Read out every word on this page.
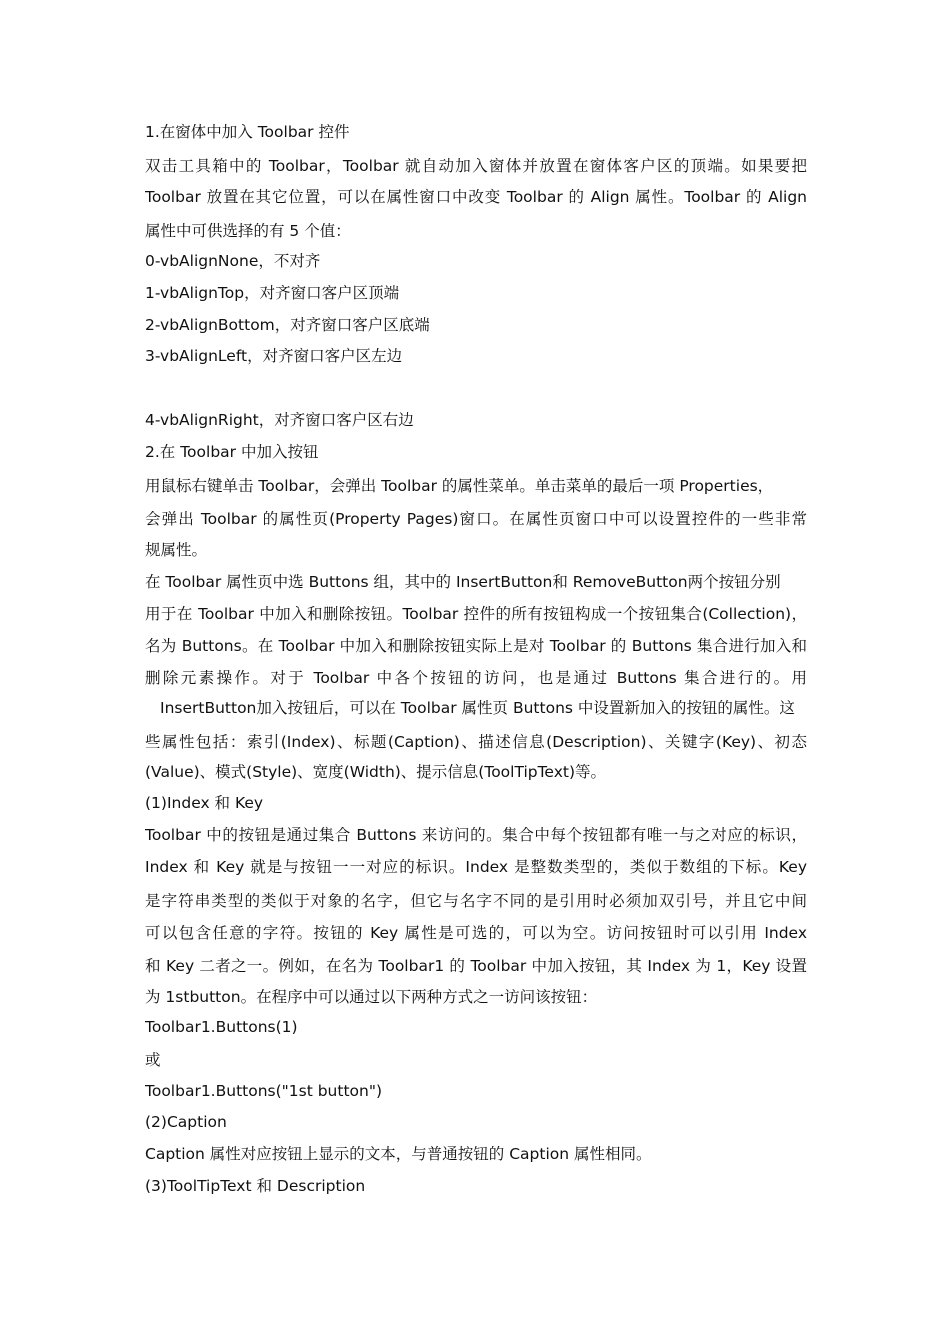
1.在窗体中加入 Toolbar 控件
双击工具箱中的 Toolbar，Toolbar 就自动加入窗体并放置在窗体客户区的顶端。如果要把
Toolbar 放置在其它位置，可以在属性窗口中改变 Toolbar 的 Align 属性。Toolbar 的 Align
属性中可供选择的有 5 个值：
0-vbAlignNone，不对齐
1-vbAlignTop，对齐窗口客户区顶端
2-vbAlignBottom，对齐窗口客户区底端
3-vbAlignLeft，对齐窗口客户区左边
4-vbAlignRight，对齐窗口客户区右边
2.在 Toolbar 中加入按钮
用鼠标右键单击 Toolbar，会弹出 Toolbar 的属性菜单。单击菜单的最后一项 Properties，
会弹出 Toolbar 的属性页(Property Pages)窗口。在属性页窗口中可以设置控件的一些非常
规属性。
在 Toolbar 属性页中选 Buttons 组，其中的 InsertButton和 RemoveButton两个按钮分别
用于在 Toolbar 中加入和删除按钮。Toolbar 控件的所有按钮构成一个按钮集合(Collection)，
名为 Buttons。在 Toolbar 中加入和删除按钮实际上是对 Toolbar 的 Buttons 集合进行加入和
删除元素操作。对于 Toolbar 中各个按钮的访问，也是通过 Buttons 集合进行的。用
InsertButton加入按钮后，可以在 Toolbar 属性页 Buttons 中设置新加入的按钮的属性。这
些属性包括：索引(Index)、标题(Caption)、描述信息(Description)、关键字(Key)、初态
(Value)、模式(Style)、宽度(Width)、提示信息(ToolTipText)等。
(1)Index 和 Key
Toolbar 中的按钮是通过集合 Buttons 来访问的。集合中每个按钮都有唯一与之对应的标识，
Index 和 Key 就是与按钮一一对应的标识。Index 是整数类型的，类似于数组的下标。Key
是字符串类型的类似于对象的名字，但它与名字不同的是引用时必须加双引号，并且它中间
可以包含任意的字符。按钮的 Key 属性是可选的，可以为空。访问按钮时可以引用 Index
和 Key 二者之一。例如，在名为 Toolbar1 的 Toolbar 中加入按钮，其 Index 为 1，Key 设置
为 1stbutton。在程序中可以通过以下两种方式之一访问该按钮：
Toolbar1.Buttons(1)
或
Toolbar1.Buttons("1st button")
(2)Caption
Caption 属性对应按钮上显示的文本，与普通按钮的 Caption 属性相同。
(3)ToolTipText 和 Description
